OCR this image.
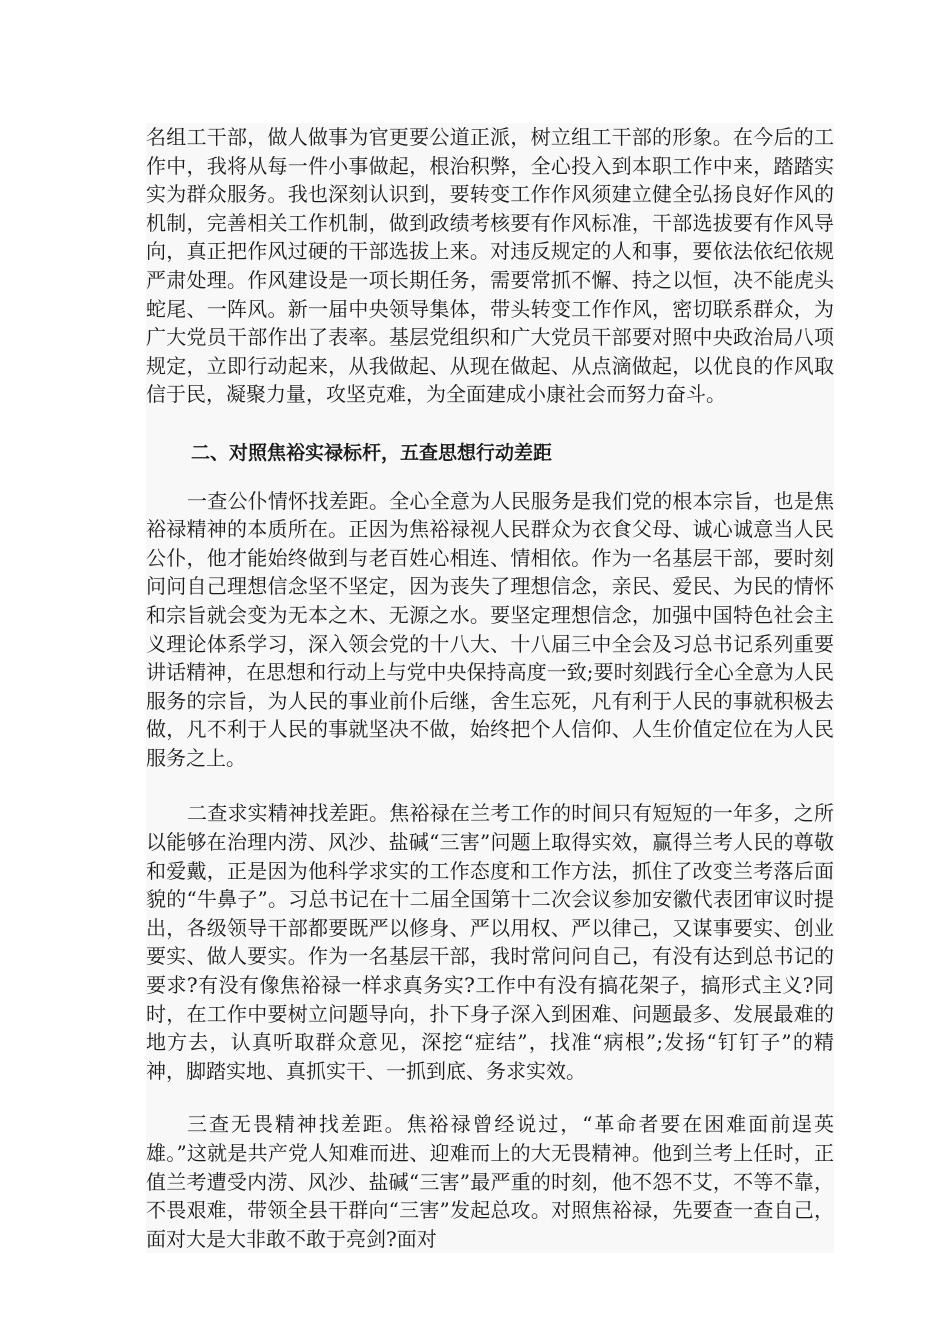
名组工干部，做人做事为官更要公道正派，树立组工干部的形象。在今后的工作中，我将从每一件小事做起，根治积弊，全心投入到本职工作中来，踏踏实实为群众服务。我也深刻认识到，要转变工作作风须建立健全弘扬良好作风的机制，完善相关工作机制，做到政绩考核要有作风标准，干部选拔要有作风导向，真正把作风过硬的干部选拔上来。对违反规定的人和事，要依法依纪依规严肃处理。作风建设是一项长期任务，需要常抓不懈、持之以恒，决不能虎头蛇尾、一阵风。新一届中央领导集体，带头转变工作作风，密切联系群众，为广大党员干部作出了表率。基层党组织和广大党员干部要对照中央政治局八项规定，立即行动起来，从我做起、从现在做起、从点滴做起，以优良的作风取信于民，凝聚力量，攻坚克难，为全面建成小康社会而努力奋斗。

二、对照焦裕实禄标杆，五查思想行动差距

一查公仆情怀找差距。全心全意为人民服务是我们党的根本宗旨，也是焦裕禄精神的本质所在。正因为焦裕禄视人民群众为衣食父母、诚心诚意当人民公仆，他才能始终做到与老百姓心相连、情相依。作为一名基层干部，要时刻问问自己理想信念坚不坚定，因为丧失了理想信念，亲民、爱民、为民的情怀和宗旨就会变为无本之木、无源之水。要坚定理想信念，加强中国特色社会主义理论体系学习，深入领会党的十八大、十八届三中全会及习总书记系列重要讲话精神，在思想和行动上与党中央保持高度一致;要时刻践行全心全意为人民服务的宗旨，为人民的事业前仆后继，舍生忘死，凡有利于人民的事就积极去做，凡不利于人民的事就坚决不做，始终把个人信仰、人生价值定位在为人民服务之上。

二查求实精神找差距。焦裕禄在兰考工作的时间只有短短的一年多，之所以能够在治理内涝、风沙、盐碱“三害”问题上取得实效，赢得兰考人民的尊敬和爱戴，正是因为他科学求实的工作态度和工作方法，抓住了改变兰考落后面貌的“牛鼻子”。习总书记在十二届全国第十二次会议参加安徽代表团审议时提出，各级领导干部都要既严以修身、严以用权、严以律己，又谋事要实、创业要实、做人要实。作为一名基层干部，我时常问问自己，有没有达到总书记的要求?有没有像焦裕禄一样求真务实?工作中有没有搞花架子，搞形式主义?同时，在工作中要树立问题导向，扑下身子深入到困难、问题最多、发展最难的地方去，认真听取群众意见，深挖“症结”，找准“病根”;发扬“钉钉子”的精神，脚踏实地、真抓实干、一抓到底、务求实效。

三查无畏精神找差距。焦裕禄曾经说过，“革命者要在困难面前逞英雄。”这就是共产党人知难而进、迎难而上的大无畏精神。他到兰考上任时，正值兰考遭受内涝、风沙、盐碱“三害”最严重的时刻，他不怨不艾，不等不靠，不畏艰难，带领全县干群向“三害”发起总攻。对照焦裕禄，先要查一查自己，面对大是大非敢不敢于亮剑?面对
